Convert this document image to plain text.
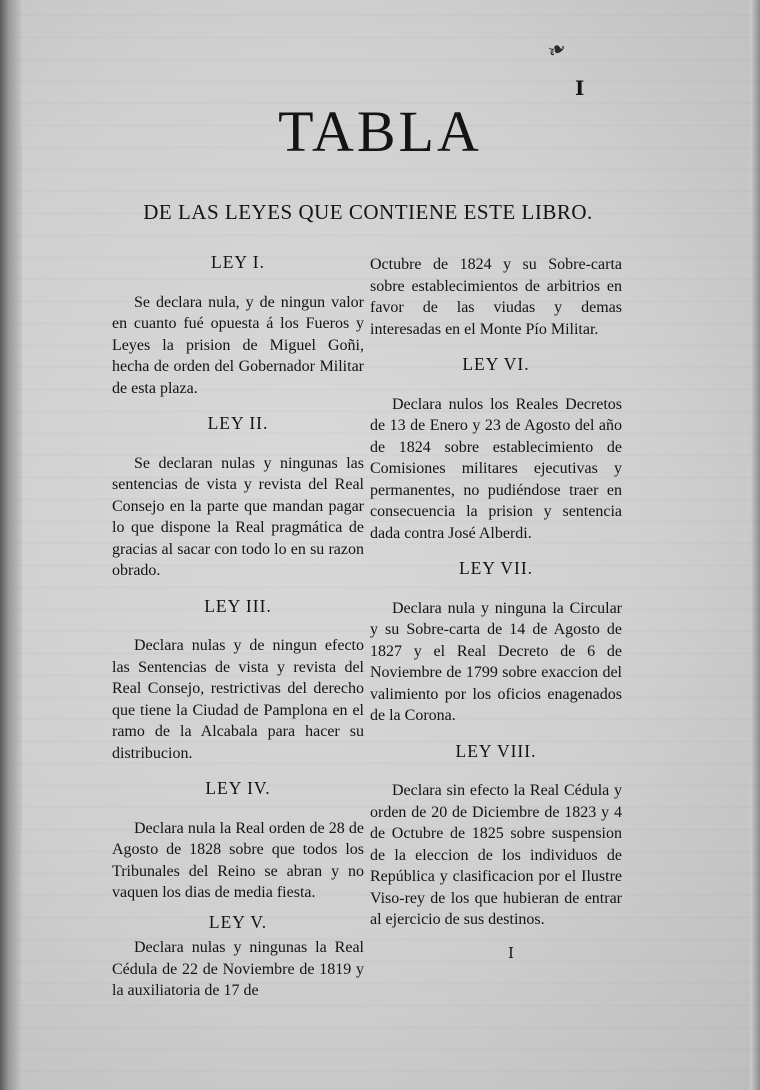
❧
I
TABLA
DE LAS LEYES QUE CONTIENE ESTE LIBRO.
LEY I.

Se declara nula, y de ningun valor en cuanto fué opuesta á los Fueros y Leyes la prision de Miguel Goñi, hecha de orden del Gobernador Militar de esta plaza.

LEY II.

Se declaran nulas y ningunas las sentencias de vista y revista del Real Consejo en la parte que mandan pagar lo que dispone la Real pragmática de gracias al sacar con todo lo en su razon obrado.

LEY III.

Declara nulas y de ningun efecto las Sentencias de vista y revista del Real Consejo, restrictivas del derecho que tiene la Ciudad de Pamplona en el ramo de la Alcabala para hacer su distribucion.

LEY IV.

Declara nula la Real orden de 28 de Agosto de 1828 sobre que todos los Tribunales del Reino se abran y no vaquen los dias de media fiesta.

LEY V.

Declara nulas y ningunas la Real Cédula de 22 de Noviembre de 1819 y la auxiliatoria de 17 de

Octubre de 1824 y su Sobre-carta sobre establecimientos de arbitrios en favor de las viudas y demas interesadas en el Monte Pío Militar.

LEY VI.

Declara nulos los Reales Decretos de 13 de Enero y 23 de Agosto del año de 1824 sobre establecimiento de Comisiones militares ejecutivas y permanentes, no pudiéndose traer en consecuencia la prision y sentencia dada contra José Alberdi.

LEY VII.

Declara nula y ninguna la Circular y su Sobre-carta de 14 de Agosto de 1827 y el Real Decreto de 6 de Noviembre de 1799 sobre exaccion del valimiento por los oficios enagenados de la Corona.

LEY VIII.

Declara sin efecto la Real Cédula y orden de 20 de Diciembre de 1823 y 4 de Octubre de 1825 sobre suspension de la eleccion de los individuos de República y clasificacion por el Ilustre Viso-rey de los que hubieran de entrar al ejercicio de sus destinos.

I
